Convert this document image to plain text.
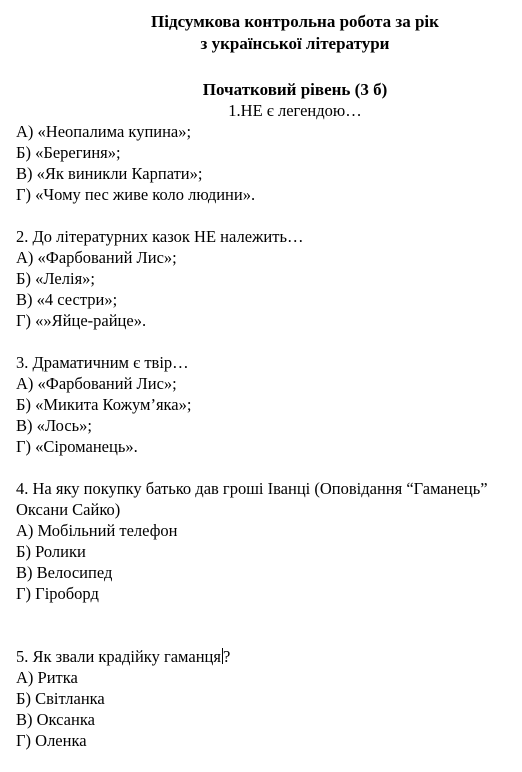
Підсумкова контрольна робота за рік
з української літератури
Початковий рівень (3 б)
1.НЕ є легендою…
А) «Неопалима купина»;
Б) «Берегиня»;
В) «Як виникли Карпати»;
Г) «Чому пес живе коло людини».
2. До літературних казок НЕ належить…
А) «Фарбований Лис»;
Б) «Лелія»;
В) «4 сестри»;
Г) «»Яйце-райце».
3. Драматичним є твір…
А) «Фарбований Лис»;
Б) «Микита Кожум’яка»;
В) «Лось»;
Г) «Сіроманець».
4. На яку покупку батько дав гроші Іванці (Оповідання “Гаманець”
Оксани Сайко)
А) Мобільний телефон
Б) Ролики
В) Велосипед
Г) Гіроборд
5. Як звали крадійку гаманця ?
А) Ритка
Б) Світланка
В) Оксанка
Г) Оленка
